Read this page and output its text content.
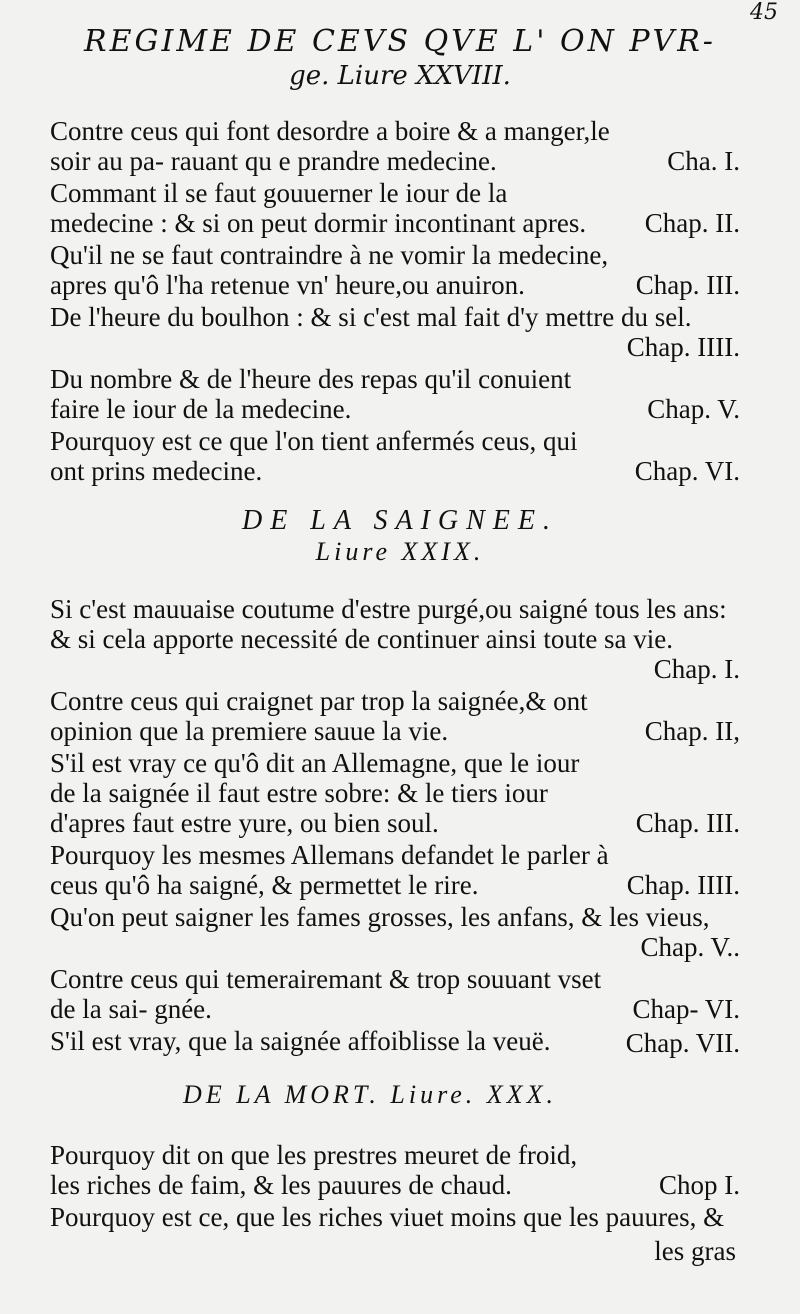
45
REGIME DE CEVS QVE L' ON PVR-
ge. Liure XXVIII.
Contre ceus qui font desordre a boire & a manger,le soir au pa- rauant qu e prandre medecine.	Cha. I.
Commant il se faut gouuerner le iour de la medecine : & si on peut dormir incontinant apres.	Chap. II.
Qu'il ne se faut contraindre à ne vomir la medecine, apres qu'ô l'ha retenue vn' heure,ou anuiron.	Chap. III.
De l'heure du boulhon : & si c'est mal fait d'y mettre du sel.
Chap. IIII.
Du nombre & de l'heure des repas qu'il conuient faire le iour de la medecine.	Chap. V.
Pourquoy est ce que l'on tient anfermés ceus, qui ont prins medecine.	Chap. VI.
DE LA SAIGNEE.
Liure XXIX.
Si c'est mauuaise coutume d'estre purgé,ou saigné tous les ans: & si cela apporte necessité de continuer ainsi toute sa vie.
Chap. I.
Contre ceus qui craignet par trop la saignée,& ont opinion que la premiere sauue la vie.	Chap. II,
S'il est vray ce qu'ô dit an Allemagne, que le iour de la saignée il faut estre sobre: & le tiers iour d'apres faut estre yure, ou bien soul.	Chap. III.
Pourquoy les mesmes Allemans defandet le parler à ceus qu'ô ha saigné, & permettet le rire.	Chap. IIII.
Qu'on peut saigner les fames grosses, les anfans, & les vieus,
Chap. V..
Contre ceus qui temerairemant & trop souuant vset de la sai- gnée.	Chap- VI.
S'il est vray, que la saignée affoiblisse la veuë.	Chap. VII.
DE LA MORT. Liure. XXX.
Pourquoy dit on que les prestres meuret de froid, les riches de faim, & les pauures de chaud.	Chop I.
Pourquoy est ce, que les riches viuet moins que les pauures, &
les gras
